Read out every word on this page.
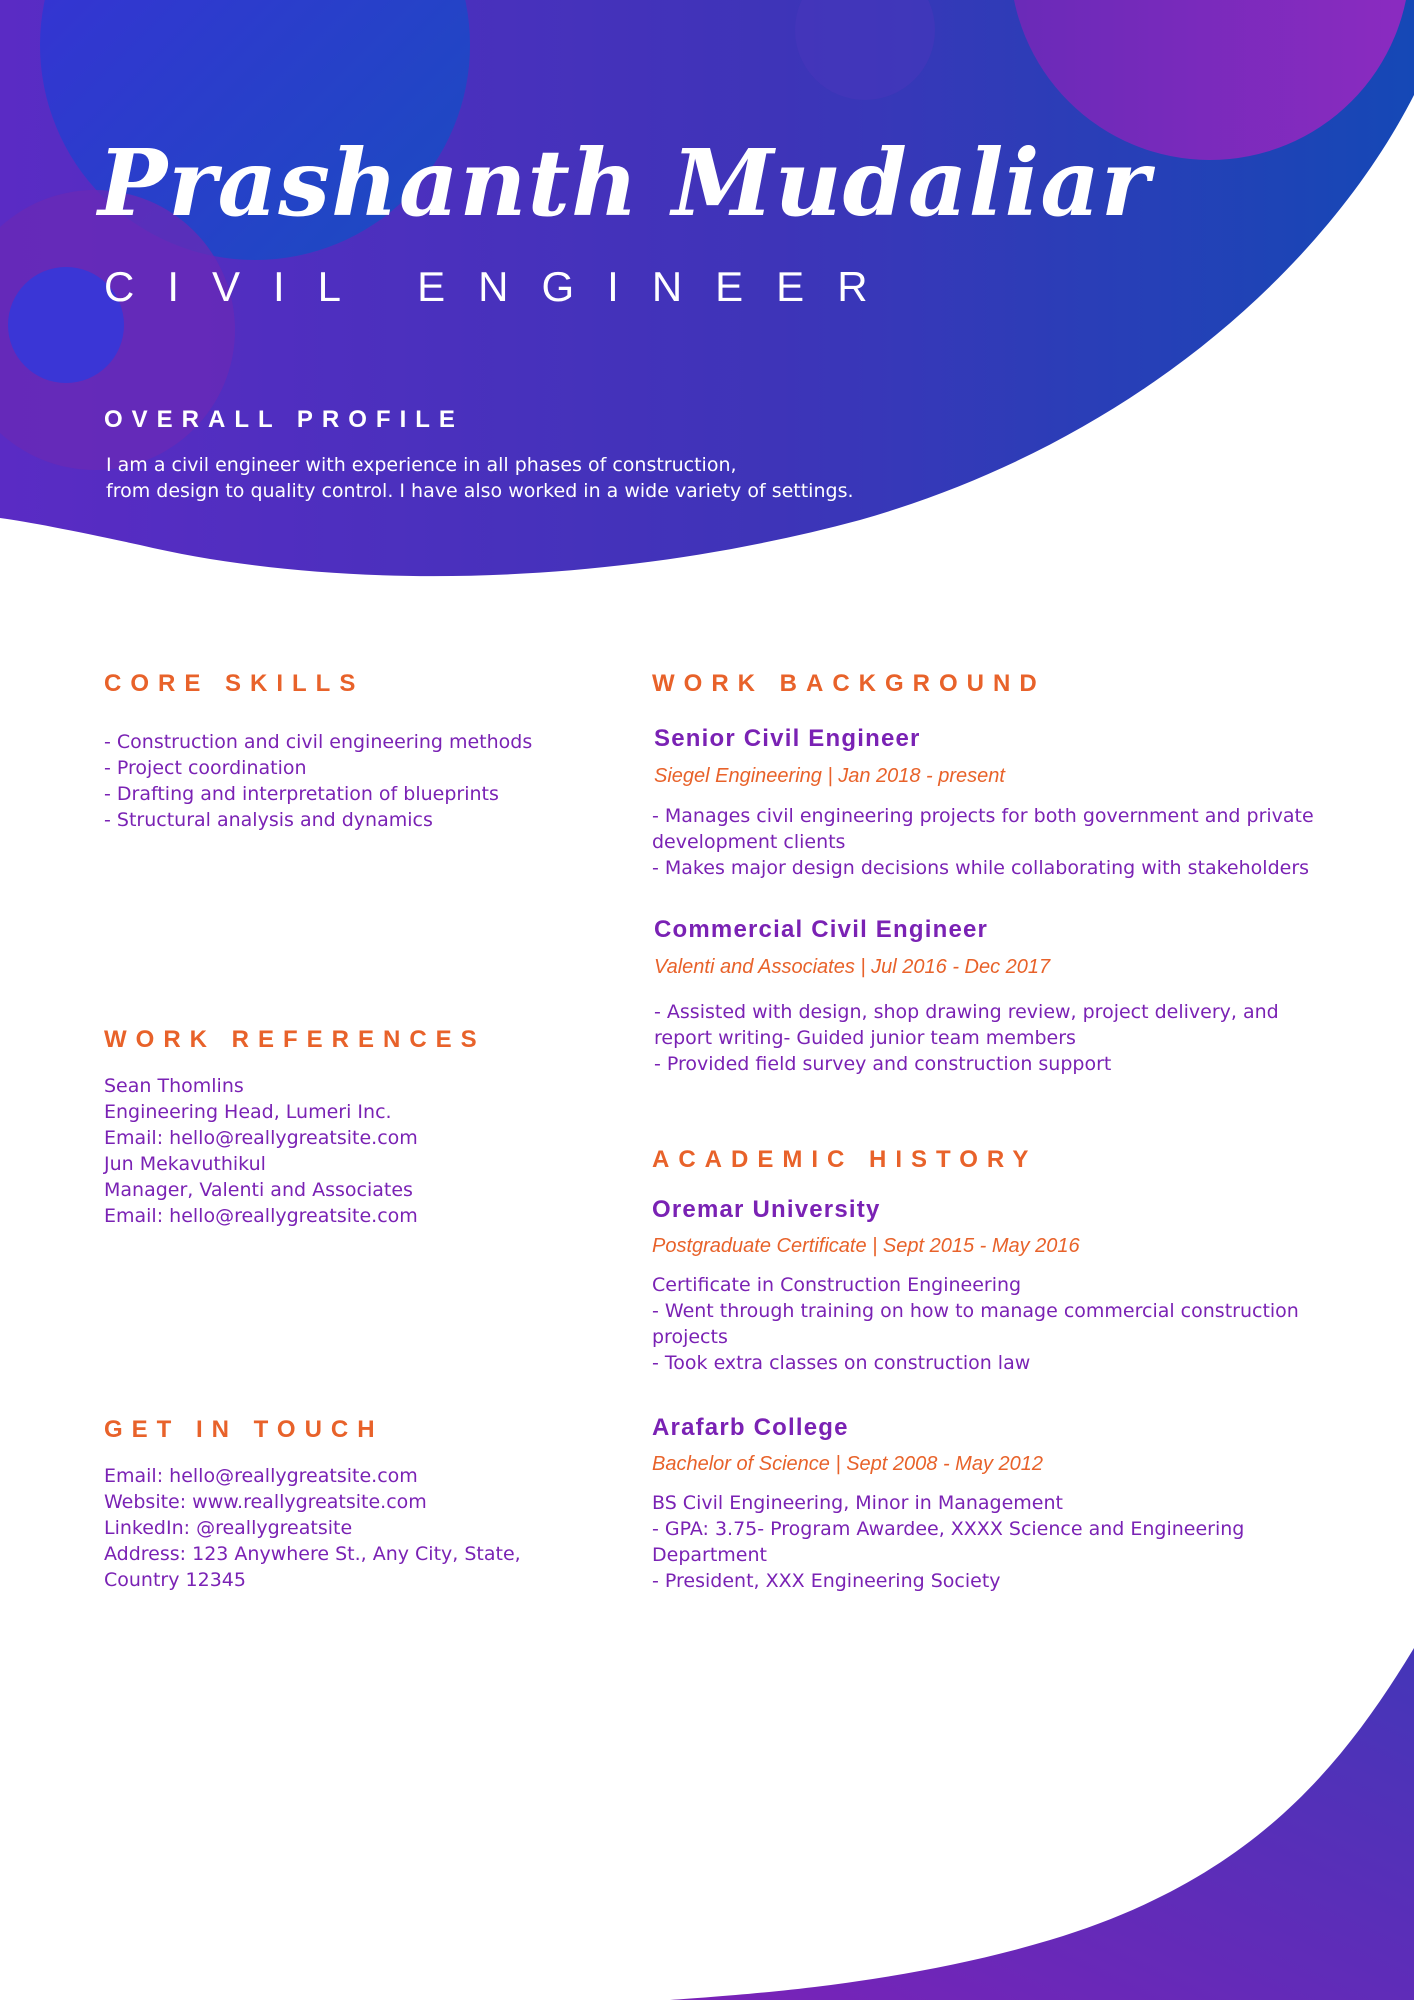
Prashanth Mudaliar
CIVIL ENGINEER
OVERALL PROFILE
I am a civil engineer with experience in all phases of construction,
from design to quality control. I have also worked in a wide variety of settings.
CORE SKILLS
- Construction and civil engineering methods
- Project coordination
- Drafting and interpretation of blueprints
- Structural analysis and dynamics
WORK REFERENCES
Sean Thomlins
Engineering Head, Lumeri Inc.
Email: hello@reallygreatsite.com
Jun Mekavuthikul
Manager, Valenti and Associates
Email: hello@reallygreatsite.com
GET IN TOUCH
Email: hello@reallygreatsite.com
Website: www.reallygreatsite.com
LinkedIn: @reallygreatsite
Address: 123 Anywhere St., Any City, State,
Country 12345
WORK BACKGROUND
Senior Civil Engineer
Siegel Engineering | Jan 2018 - present
- Manages civil engineering projects for both government and private development clients
- Makes major design decisions while collaborating with stakeholders
Commercial Civil Engineer
Valenti and Associates | Jul 2016 - Dec 2017
- Assisted with design, shop drawing review, project delivery, and report writing- Guided junior team members
- Provided field survey and construction support
ACADEMIC HISTORY
Oremar University
Postgraduate Certificate | Sept 2015 - May 2016
Certificate in Construction Engineering
- Went through training on how to manage commercial construction projects
- Took extra classes on construction law
Arafarb College
Bachelor of Science | Sept 2008 - May 2012
BS Civil Engineering, Minor in Management
- GPA: 3.75- Program Awardee, XXXX Science and Engineering Department
- President, XXX Engineering Society
